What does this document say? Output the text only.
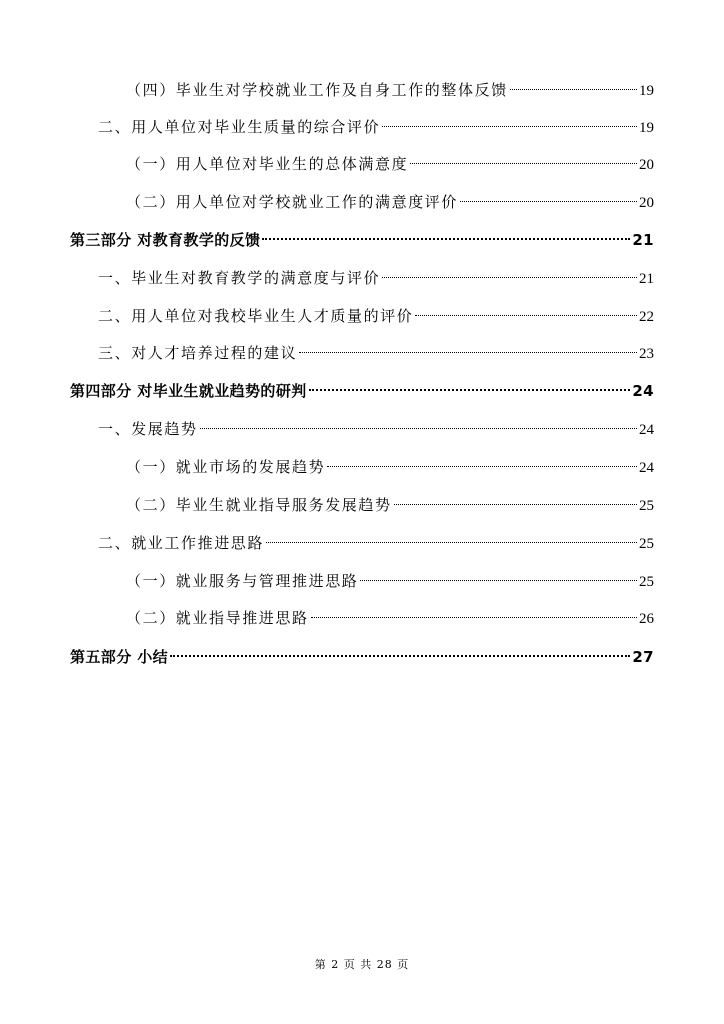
（四）毕业生对学校就业工作及自身工作的整体反馈	19
二、用人单位对毕业生质量的综合评价	19
（一）用人单位对毕业生的总体满意度	20
（二）用人单位对学校就业工作的满意度评价	20
第三部分 对教育教学的反馈	21
一、毕业生对教育教学的满意度与评价	21
二、用人单位对我校毕业生人才质量的评价	22
三、对人才培养过程的建议	23
第四部分 对毕业生就业趋势的研判	24
一、发展趋势	24
（一）就业市场的发展趋势	24
（二）毕业生就业指导服务发展趋势	25
二、就业工作推进思路	25
（一）就业服务与管理推进思路	25
（二）就业指导推进思路	26
第五部分 小结	27
第 2 页 共 28 页
